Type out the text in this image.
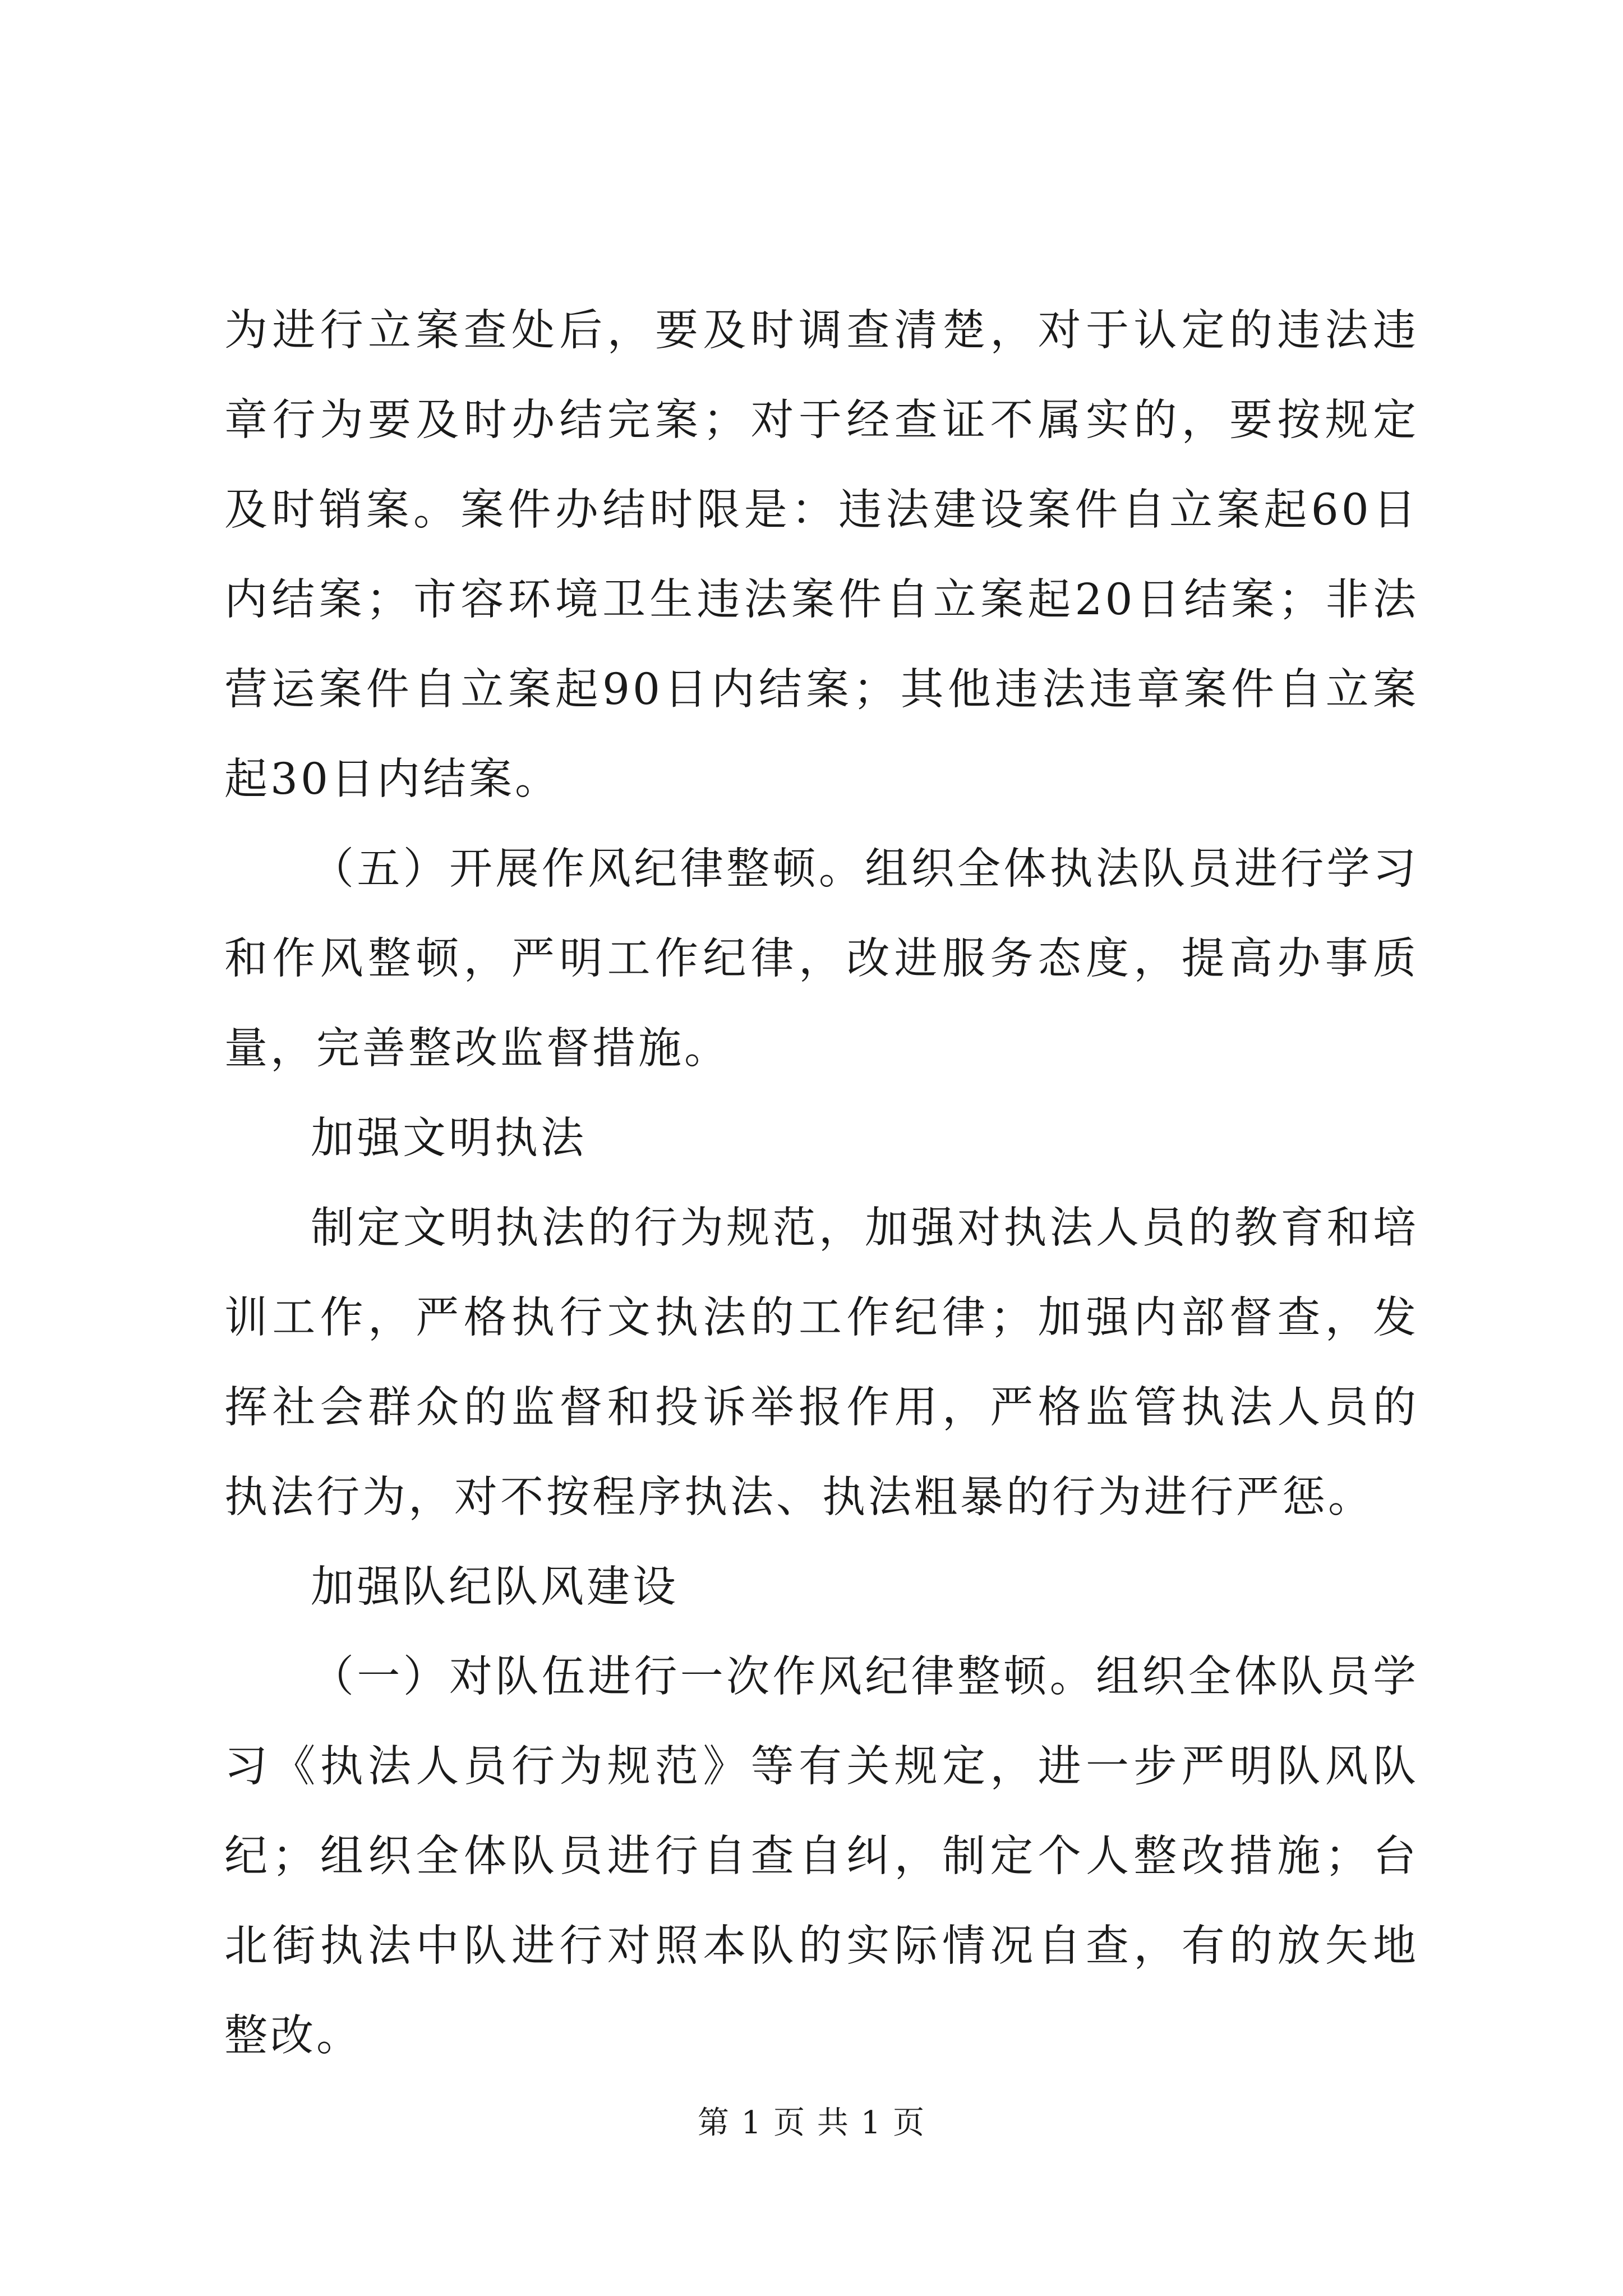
为进行立案查处后，要及时调查清楚，对于认定的违法违章行为要及时办结完案；对于经查证不属实的，要按规定及时销案。案件办结时限是：违法建设案件自立案起60日内结案；市容环境卫生违法案件自立案起20日结案；非法营运案件自立案起90日内结案；其他违法违章案件自立案起30日内结案。

（五）开展作风纪律整顿。组织全体执法队员进行学习和作风整顿，严明工作纪律，改进服务态度，提高办事质量，完善整改监督措施。

加强文明执法

制定文明执法的行为规范，加强对执法人员的教育和培训工作，严格执行文执法的工作纪律；加强内部督查，发挥社会群众的监督和投诉举报作用，严格监管执法人员的执法行为，对不按程序执法、执法粗暴的行为进行严惩。

加强队纪队风建设

（一）对队伍进行一次作风纪律整顿。组织全体队员学习《执法人员行为规范》等有关规定，进一步严明队风队纪；组织全体队员进行自查自纠，制定个人整改措施；台北街执法中队进行对照本队的实际情况自查，有的放矢地整改。

第 1 页 共 1 页
